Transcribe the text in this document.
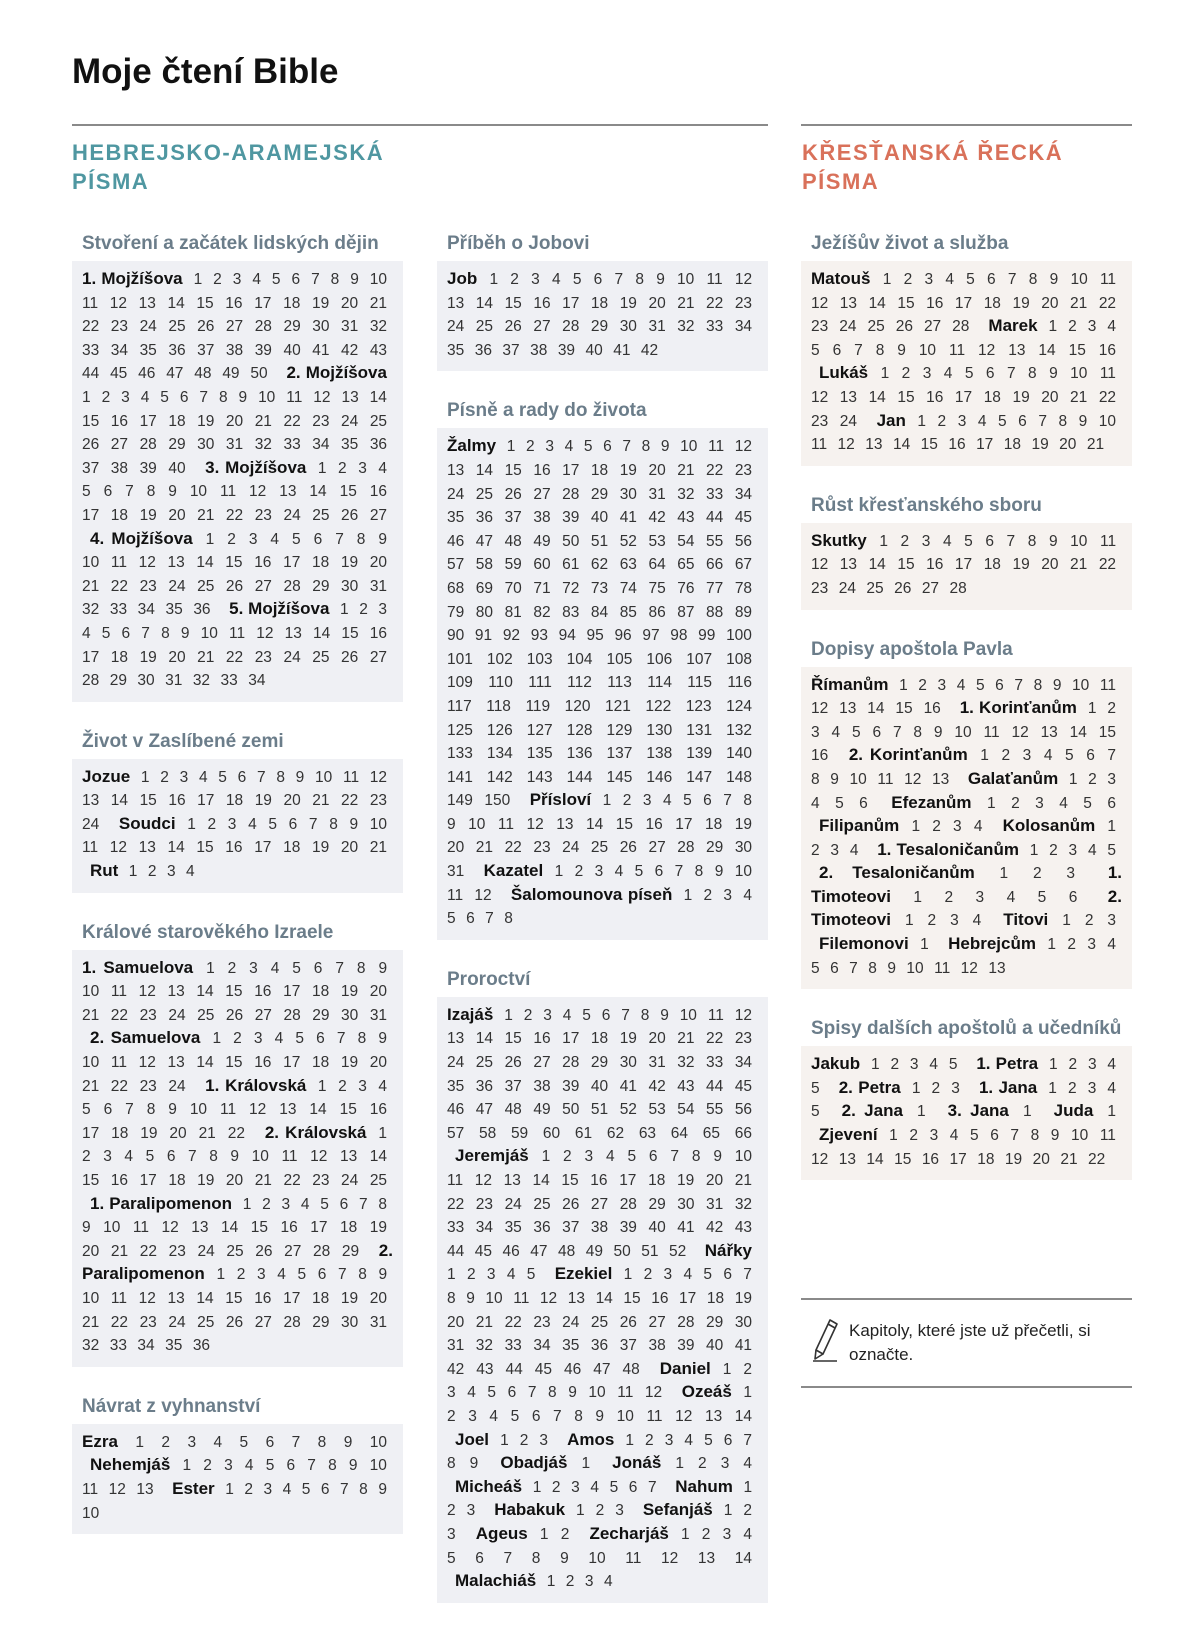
Moje čtení Bible
HEBREJSKO-ARAMEJSKÁ PÍSMA
KŘESŤANSKÁ ŘECKÁ PÍSMA
Stvoření a začátek lidských dějin
1. Mojžíšova 1 2 3 4 5 6 7 8 9 10 11 12 13 14 15 16 17 18 19 20 21 22 23 24 25 26 27 28 29 30 31 32 33 34 35 36 37 38 39 40 41 42 43 44 45 46 47 48 49 50 2. Mojžíšova 1 2 3 4 5 6 7 8 9 10 11 12 13 14 15 16 17 18 19 20 21 22 23 24 25 26 27 28 29 30 31 32 33 34 35 36 37 38 39 40 3. Mojžíšova 1 2 3 4 5 6 7 8 9 10 11 12 13 14 15 16 17 18 19 20 21 22 23 24 25 26 27 4. Mojžíšova 1 2 3 4 5 6 7 8 9 10 11 12 13 14 15 16 17 18 19 20 21 22 23 24 25 26 27 28 29 30 31 32 33 34 35 36 5. Mojžíšova 1 2 3 4 5 6 7 8 9 10 11 12 13 14 15 16 17 18 19 20 21 22 23 24 25 26 27 28 29 30 31 32 33 34
Život v Zaslíbené zemi
Jozue 1 2 3 4 5 6 7 8 9 10 11 12 13 14 15 16 17 18 19 20 21 22 23 24 Soudci 1 2 3 4 5 6 7 8 9 10 11 12 13 14 15 16 17 18 19 20 21 Rut 1 2 3 4
Králové starověkého Izraele
1. Samuelova 1 2 3 4 5 6 7 8 9 10 11 12 13 14 15 16 17 18 19 20 21 22 23 24 25 26 27 28 29 30 31 2. Samuelova 1 2 3 4 5 6 7 8 9 10 11 12 13 14 15 16 17 18 19 20 21 22 23 24 1. Královská 1 2 3 4 5 6 7 8 9 10 11 12 13 14 15 16 17 18 19 20 21 22 2. Královská 1 2 3 4 5 6 7 8 9 10 11 12 13 14 15 16 17 18 19 20 21 22 23 24 25 1. Paralipomenon 1 2 3 4 5 6 7 8 9 10 11 12 13 14 15 16 17 18 19 20 21 22 23 24 25 26 27 28 29 2. Paralipomenon 1 2 3 4 5 6 7 8 9 10 11 12 13 14 15 16 17 18 19 20 21 22 23 24 25 26 27 28 29 30 31 32 33 34 35 36
Návrat z vyhnanství
Ezra 1 2 3 4 5 6 7 8 9 10 Nehemjáš 1 2 3 4 5 6 7 8 9 10 11 12 13 Ester 1 2 3 4 5 6 7 8 9 10
Příběh o Jobovi
Job 1 2 3 4 5 6 7 8 9 10 11 12 13 14 15 16 17 18 19 20 21 22 23 24 25 26 27 28 29 30 31 32 33 34 35 36 37 38 39 40 41 42
Písně a rady do života
Žalmy 1 2 3 4 5 6 7 8 9 10 11 12 13 14 15 16 17 18 19 20 21 22 23 24 25 26 27 28 29 30 31 32 33 34 35 36 37 38 39 40 41 42 43 44 45 46 47 48 49 50 51 52 53 54 55 56 57 58 59 60 61 62 63 64 65 66 67 68 69 70 71 72 73 74 75 76 77 78 79 80 81 82 83 84 85 86 87 88 89 90 91 92 93 94 95 96 97 98 99 100 101 102 103 104 105 106 107 108 109 110 111 112 113 114 115 116 117 118 119 120 121 122 123 124 125 126 127 128 129 130 131 132 133 134 135 136 137 138 139 140 141 142 143 144 145 146 147 148 149 150 Přísloví 1 2 3 4 5 6 7 8 9 10 11 12 13 14 15 16 17 18 19 20 21 22 23 24 25 26 27 28 29 30 31 Kazatel 1 2 3 4 5 6 7 8 9 10 11 12 Šalomounova píseň 1 2 3 4 5 6 7 8
Proroctví
Izajáš 1 2 3 4 5 6 7 8 9 10 11 12 13 14 15 16 17 18 19 20 21 22 23 24 25 26 27 28 29 30 31 32 33 34 35 36 37 38 39 40 41 42 43 44 45 46 47 48 49 50 51 52 53 54 55 56 57 58 59 60 61 62 63 64 65 66 Jeremjáš 1 2 3 4 5 6 7 8 9 10 11 12 13 14 15 16 17 18 19 20 21 22 23 24 25 26 27 28 29 30 31 32 33 34 35 36 37 38 39 40 41 42 43 44 45 46 47 48 49 50 51 52 Nářky 1 2 3 4 5 Ezekiel 1 2 3 4 5 6 7 8 9 10 11 12 13 14 15 16 17 18 19 20 21 22 23 24 25 26 27 28 29 30 31 32 33 34 35 36 37 38 39 40 41 42 43 44 45 46 47 48 Daniel 1 2 3 4 5 6 7 8 9 10 11 12 Ozeáš 1 2 3 4 5 6 7 8 9 10 11 12 13 14 Joel 1 2 3 Amos 1 2 3 4 5 6 7 8 9 Obadjáš 1 Jonáš 1 2 3 4 Micheáš 1 2 3 4 5 6 7 Nahum 1 2 3 Habakuk 1 2 3 Sefanjáš 1 2 3 Ageus 1 2 Zecharjáš 1 2 3 4 5 6 7 8 9 10 11 12 13 14 Malachiáš 1 2 3 4
Ježíšův život a služba
Matouš 1 2 3 4 5 6 7 8 9 10 11 12 13 14 15 16 17 18 19 20 21 22 23 24 25 26 27 28 Marek 1 2 3 4 5 6 7 8 9 10 11 12 13 14 15 16 Lukáš 1 2 3 4 5 6 7 8 9 10 11 12 13 14 15 16 17 18 19 20 21 22 23 24 Jan 1 2 3 4 5 6 7 8 9 10 11 12 13 14 15 16 17 18 19 20 21
Růst křesťanského sboru
Skutky 1 2 3 4 5 6 7 8 9 10 11 12 13 14 15 16 17 18 19 20 21 22 23 24 25 26 27 28
Dopisy apoštola Pavla
Římanům 1 2 3 4 5 6 7 8 9 10 11 12 13 14 15 16 1. Korinťanům 1 2 3 4 5 6 7 8 9 10 11 12 13 14 15 16 2. Korinťanům 1 2 3 4 5 6 7 8 9 10 11 12 13 Galaťanům 1 2 3 4 5 6 Efezanům 1 2 3 4 5 6 Filipanům 1 2 3 4 Kolosanům 1 2 3 4 1. Tesaloničanům 1 2 3 4 5 2. Tesaloničanům 1 2 3 1. Timoteovi 1 2 3 4 5 6 2. Timoteovi 1 2 3 4 Titovi 1 2 3 Filemonovi 1 Hebrejcům 1 2 3 4 5 6 7 8 9 10 11 12 13
Spisy dalších apoštolů a učedníků
Jakub 1 2 3 4 5 1. Petra 1 2 3 4 5 2. Petra 1 2 3 1. Jana 1 2 3 4 5 2. Jana 1 3. Jana 1 Juda 1 Zjevení 1 2 3 4 5 6 7 8 9 10 11 12 13 14 15 16 17 18 19 20 21 22
Kapitoly, které jste už přečetli, si označte.
